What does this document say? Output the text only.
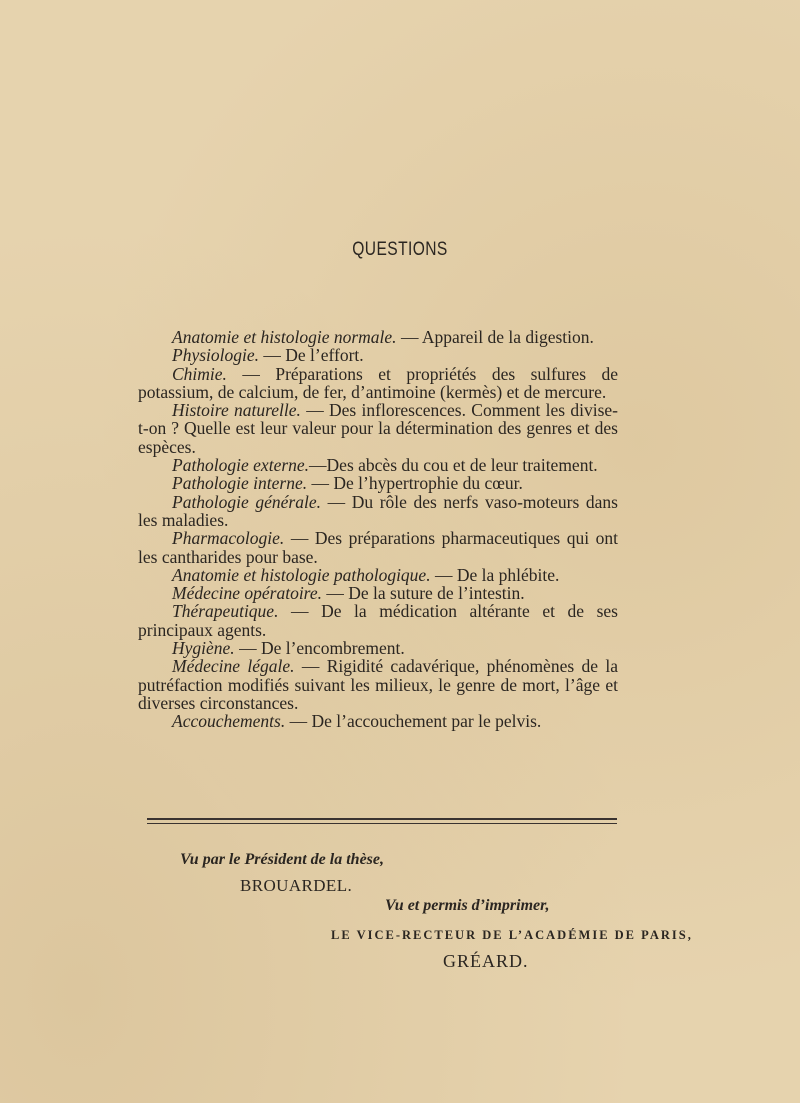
QUESTIONS

Anatomie et histologie normale. — Appareil de la digestion.

Physiologie. — De l’effort.

Chimie. — Préparations et propriétés des sulfures de potassium, de calcium, de fer, d’antimoine (kermès) et de mercure.

Histoire naturelle. — Des inflorescences. Comment les divise-t-on ? Quelle est leur valeur pour la détermination des genres et des espèces.

Pathologie externe.—Des abcès du cou et de leur traitement.

Pathologie interne. — De l’hypertrophie du cœur.

Pathologie générale. — Du rôle des nerfs vaso-moteurs dans les maladies.

Pharmacologie. — Des préparations pharmaceutiques qui ont les cantharides pour base.

Anatomie et histologie pathologique. — De la phlébite.

Médecine opératoire. — De la suture de l’intestin.

Thérapeutique. — De la médication altérante et de ses principaux agents.

Hygiène. — De l’encombrement.

Médecine légale. — Rigidité cadavérique, phénomènes de la putréfaction modifiés suivant les milieux, le genre de mort, l’âge et diverses circonstances.

Accouchements. — De l’accouchement par le pelvis.

Vu par le Président de la thèse,
BROUARDEL.
Vu et permis d’imprimer,
LE VICE-RECTEUR DE L’ACADÉMIE DE PARIS,
GRÉARD.
